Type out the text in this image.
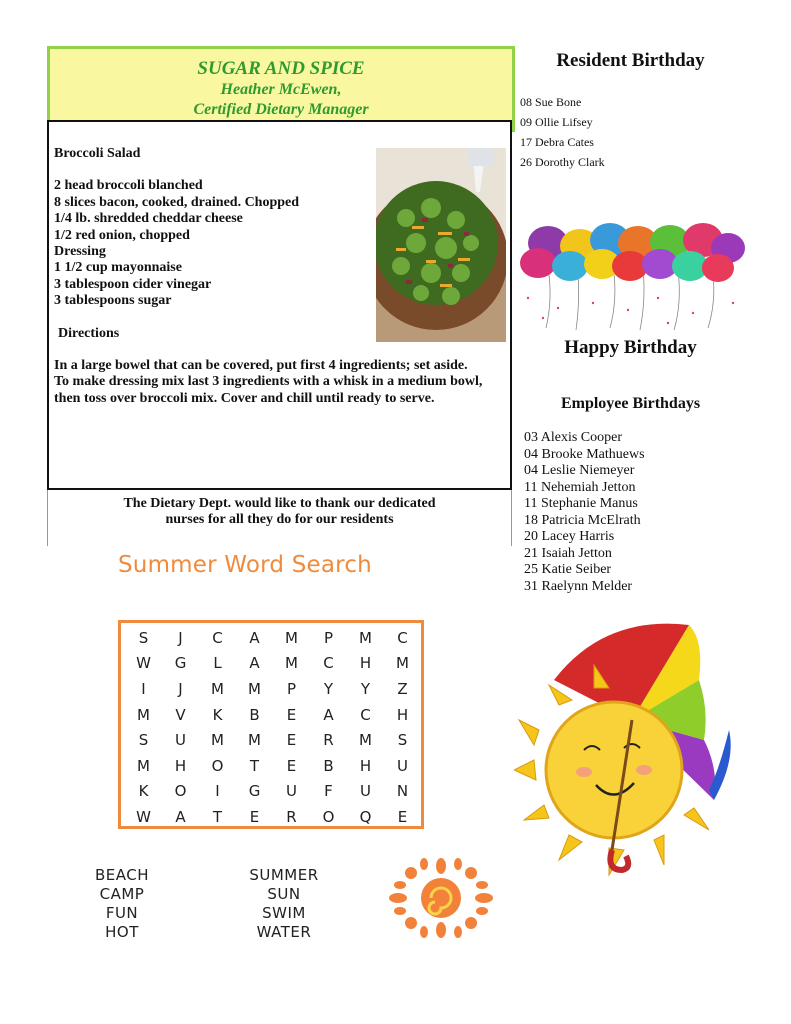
SUGAR AND SPICE
Heather McEwen,
Certified Dietary Manager

Broccoli Salad

2 head broccoli blanched

8 slices bacon, cooked, drained. Chopped

1/4 lb. shredded cheddar cheese

1/2 red onion, chopped

Dressing

1 1/2 cup mayonnaise

3 tablespoon cider vinegar

3 tablespoons sugar

Directions

In a large bowel that can be covered, put first 4 ingredients; set aside.

To make dressing mix last 3 ingredients with a whisk in a medium bowl, then toss over broccoli mix. Cover and chill until ready to serve.

The Dietary Dept. would like to thank our dedicated
nurses for all they do for our residents
Resident Birthday
08 Sue Bone
09 Ollie Lifsey
17 Debra Cates
26 Dorothy Clark
Happy Birthday
Employee Birthdays
03 Alexis Cooper
04 Brooke Mathuews
04 Leslie Niemeyer
11 Nehemiah Jetton
11 Stephanie Manus
18 Patricia McElrath
20 Lacey Harris
21 Isaiah Jetton
25 Katie Seiber
31 Raelynn Melder
Summer Word Search
S	J	C	A	M	P	M	C
W	G	L	A	M	C	H	M
I	J	M	M	P	Y	Y	Z
M	V	K	B	E	A	C	H
S	U	M	M	E	R	M	S
M	H	O	T	E	B	H	U
K	O	I	G	U	F	U	N
W	A	T	E	R	O	Q	E
BEACH
CAMP
FUN
HOT
SUMMER
SUN
SWIM
WATER
